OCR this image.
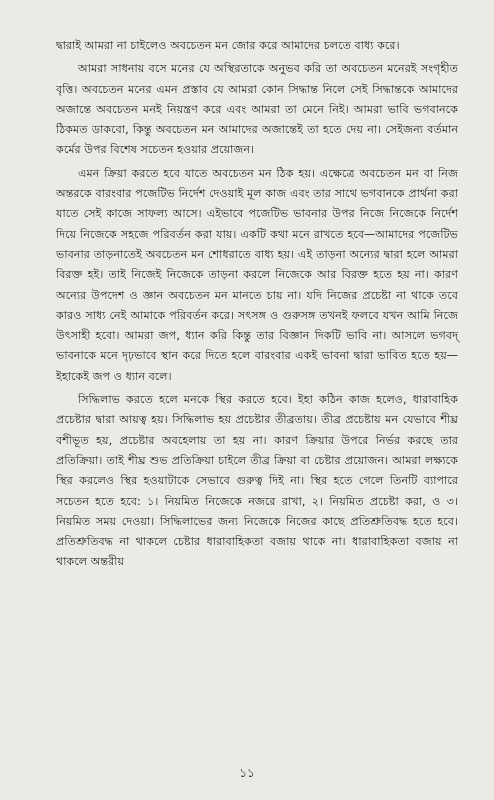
দ্বারাই আমরা না চাইলেও অবচেতন মন জোর করে আমাদের চলতে বাধ্য করে।

আমরা সাধনায় বসে মনের যে অস্থিরতাকে অনুভব করি তা অবচেতন মনেরই সংগৃহীত বৃত্তি। অবচেতন মনের এমন প্রস্তাব যে আমরা কোন সিদ্ধান্ত নিলে সেই সিদ্ধান্তকে আমাদের অজান্তে অবচেতন মনই নিয়ন্ত্রণ করে এবং আমরা তা মেনে নিই। আমরা ভাবি ভগবানকে ঠিকমত ডাকবো, কিন্তু অবচেতন মন আমাদের অজান্তেই তা হতে দেয় না। সেইজন্য বর্তমান কর্মের উপর বিশেষ সচেতন হওয়ার প্রয়োজন।

এমন ক্রিয়া করতে হবে যাতে অবচেতন মন ঠিক হয়। এক্ষেত্রে অবচেতন মন বা নিজ অন্তরকে বারংবার পজেটিভ নির্দেশ দেওয়াই মূল কাজ এবং তার সাথে ভগবানকে প্রার্থনা করা যাতে সেই কাজে সাফল্য আসে। এইভাবে পজেটিভ ভাবনার উপর নিজে নিজেকে নির্দেশ দিয়ে নিজেকে সহজে পরিবর্তন করা যায়। একটি কথা মনে রাখতে হবে—আমাদের পজেটিভ ভাবনার তাড়নাতেই অবচেতন মন শোধরাতে বাধ্য হয়। এই তাড়না অন্যের দ্বারা হলে আমরা বিরক্ত হই। তাই নিজেই নিজেকে তাড়না করলে নিজেকে আর বিরক্ত হতে হয় না। কারণ অন্যের উপদেশ ও জ্ঞান অবচেতন মন মানতে চায় না। যদি নিজের প্রচেষ্টা না থাকে তবে কারও সাধ্য নেই আমাকে পরিবর্তন করে। সৎসঙ্গ ও গুরুসঙ্গ তখনই ফলবে যখন আমি নিজে উৎসাহী হবো। আমরা জপ, ধ্যান করি কিন্তু তার বিজ্ঞান দিকটি ভাবি না। আসলে ভগবদ্ ভাবনাকে মনে দৃঢ়ভাবে স্থান করে দিতে হলে বারংবার একই ভাবনা দ্বারা ভাবিত হতে হয়—ইহাকেই জপ ও ধ্যান বলে।

সিদ্ধিলাভ করতে হলে মনকে স্থির করতে হবে। ইহা কঠিন কাজ হলেও, ধারাবাহিক প্রচেষ্টার দ্বারা আয়ত্ব হয়। সিদ্ধিলাভ হয় প্রচেষ্টার তীব্রতায়। তীব্র প্রচেষ্টায় মন যেভাবে শীঘ্র বশীভূত হয়, প্রচেষ্টার অবহেলায় তা হয় না। কারণ ক্রিয়ার উপরে নির্ভর করছে তার প্রতিক্রিয়া। তাই শীঘ্র শুভ প্রতিক্রিয়া চাইলে তীব্র ক্রিয়া বা চেষ্টার প্রয়োজন। আমরা লক্ষ্যকে স্থির করলেও স্থির হওয়াটাকে সেভাবে গুরুত্ব দিই না। স্থির হতে গেলে তিনটি ব্যাপারে সচেতন হতে হবে: ১। নিয়মিত নিজেকে নজরে রাখা, ২। নিয়মিত প্রচেষ্টা করা, ও ৩। নিয়মিত সময় দেওয়া। সিদ্ধিলাভের জন্য নিজেকে নিজের কাছে প্রতিশ্রুতিবদ্ধ হতে হবে। প্রতিশ্রুতিবদ্ধ না থাকলে চেষ্টার ধারাবাহিকতা বজায় থাকে না। ধারাবাহিকতা বজায় না থাকলে অন্তরীয়

১১
